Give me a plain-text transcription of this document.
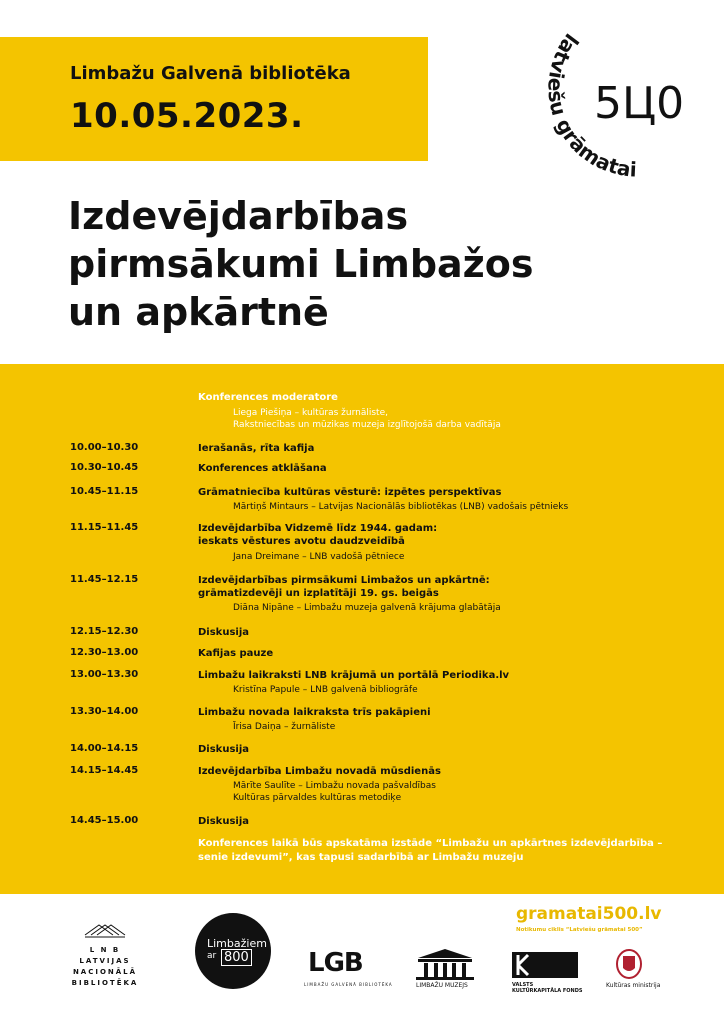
Limbažu Galvenā bibliotēka
10.05.2023.
latviešu grāmatai
5Ц0
Izdevējdarbības
pirmsākumi Limbažos
un apkārtnē
Konferences moderatore
Liega Piešiņa – kultūras žurnāliste,
Rakstniecības un mūzikas muzeja izglītojošā darba vadītāja
10.00–10.30	Ierašanās, rīta kafija
10.30–10.45	Konferences atklāšana
10.45–11.15	Grāmatniecība kultūras vēsturē: izpētes perspektīvas
Mārtiņš Mintaurs – Latvijas Nacionālās bibliotēkas (LNB) vadošais pētnieks
11.15–11.45	Izdevējdarbība Vidzemē līdz 1944. gadam:
ieskats vēstures avotu daudzveidībā
Jana Dreimane – LNB vadošā pētniece
11.45–12.15	Izdevējdarbības pirmsākumi Limbažos un apkārtnē:
grāmatizdevēji un izplatītāji 19. gs. beigās
Diāna Nipāne – Limbažu muzeja galvenā krājuma glabātāja
12.15–12.30	Diskusija
12.30–13.00	Kafijas pauze
13.00–13.30	Limbažu laikraksti LNB krājumā un portālā Periodika.lv
Kristīna Papule – LNB galvenā bibliogrāfe
13.30–14.00	Limbažu novada laikraksta trīs pakāpieni
Īrisa Daiņa – žurnāliste
14.00–14.15	Diskusija
14.15–14.45	Izdevējdarbība Limbažu novadā mūsdienās
Mārīte Saulīte – Limbažu novada pašvaldības
Kultūras pārvaldes kultūras metodiķe
14.45–15.00	Diskusija
Konferences laikā būs apskatāma izstāde “Limbažu un apkārtnes izdevējdarbība –
senie izdevumi”, kas tapusi sadarbībā ar Limbažu muzeju
L N B
LATVIJAS
NACIONĀLĀ
BIBLIOTĒKA
Limbažiem
ar 800 LGB
LIMBAŽU GALVENĀ BIBLIOTĒKA	LIMBAŽU MUZEJS	VALSTS
KULTŪRKAPITĀLA FONDS
Kultūras ministrija
gramatai500.lv
Notikumu ciklis “Latviešu grāmatai 500”
